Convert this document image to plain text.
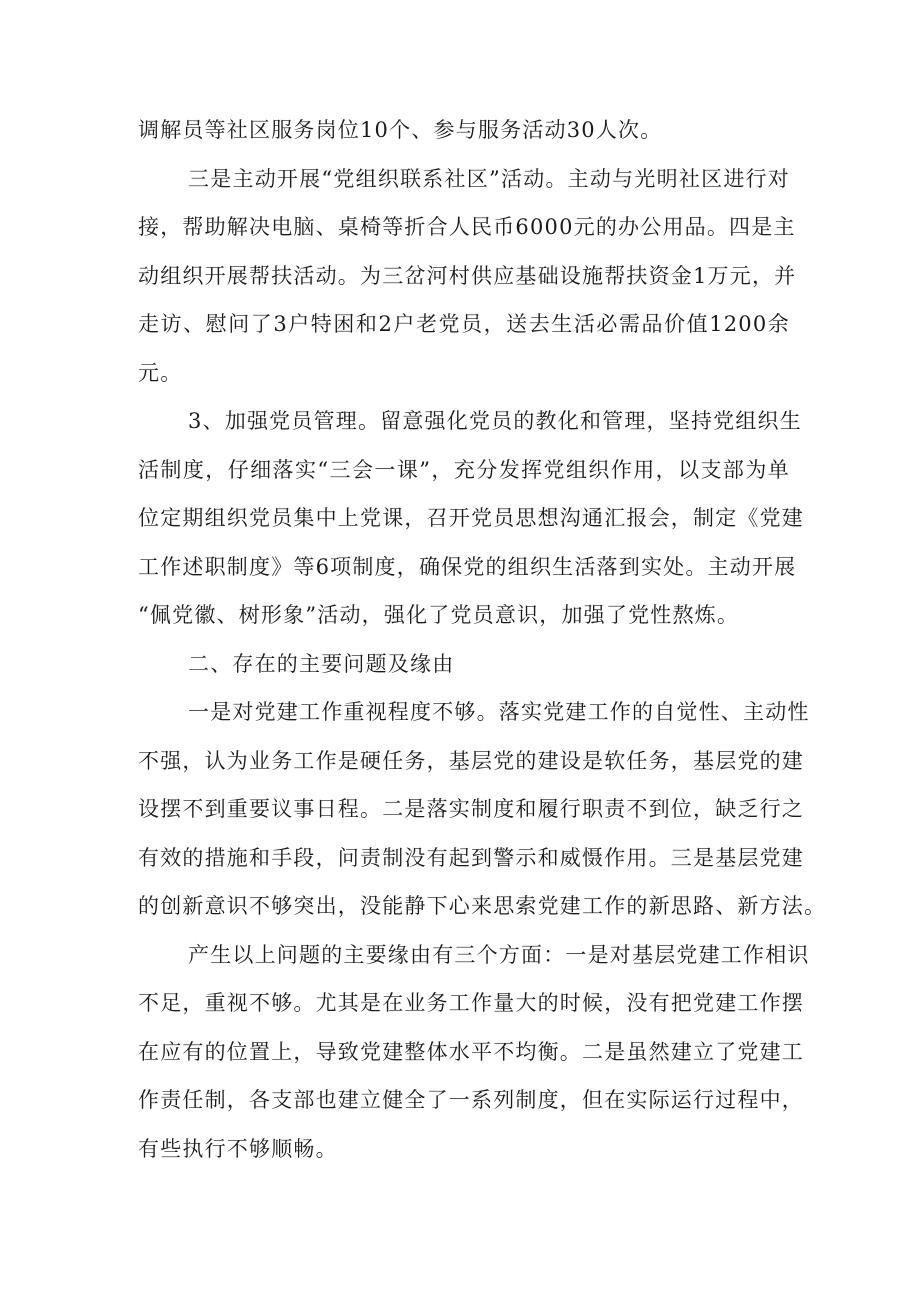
调解员等社区服务岗位10个、参与服务活动30人次。
三是主动开展“党组织联系社区”活动。主动与光明社区进行对
接，帮助解决电脑、桌椅等折合人民币6000元的办公用品。四是主
动组织开展帮扶活动。为三岔河村供应基础设施帮扶资金1万元，并
走访、慰问了3户特困和2户老党员，送去生活必需品价值1200余
元。
3、加强党员管理。留意强化党员的教化和管理，坚持党组织生
活制度，仔细落实“三会一课”，充分发挥党组织作用，以支部为单
位定期组织党员集中上党课，召开党员思想沟通汇报会，制定《党建
工作述职制度》等6项制度，确保党的组织生活落到实处。主动开展
“佩党徽、树形象”活动，强化了党员意识，加强了党性熬炼。
二、存在的主要问题及缘由
一是对党建工作重视程度不够。落实党建工作的自觉性、主动性
不强，认为业务工作是硬任务，基层党的建设是软任务，基层党的建
设摆不到重要议事日程。二是落实制度和履行职责不到位，缺乏行之
有效的措施和手段，问责制没有起到警示和威慑作用。三是基层党建
的创新意识不够突出，没能静下心来思索党建工作的新思路、新方法。
产生以上问题的主要缘由有三个方面：一是对基层党建工作相识
不足，重视不够。尤其是在业务工作量大的时候，没有把党建工作摆
在应有的位置上，导致党建整体水平不均衡。二是虽然建立了党建工
作责任制，各支部也建立健全了一系列制度，但在实际运行过程中，
有些执行不够顺畅。
